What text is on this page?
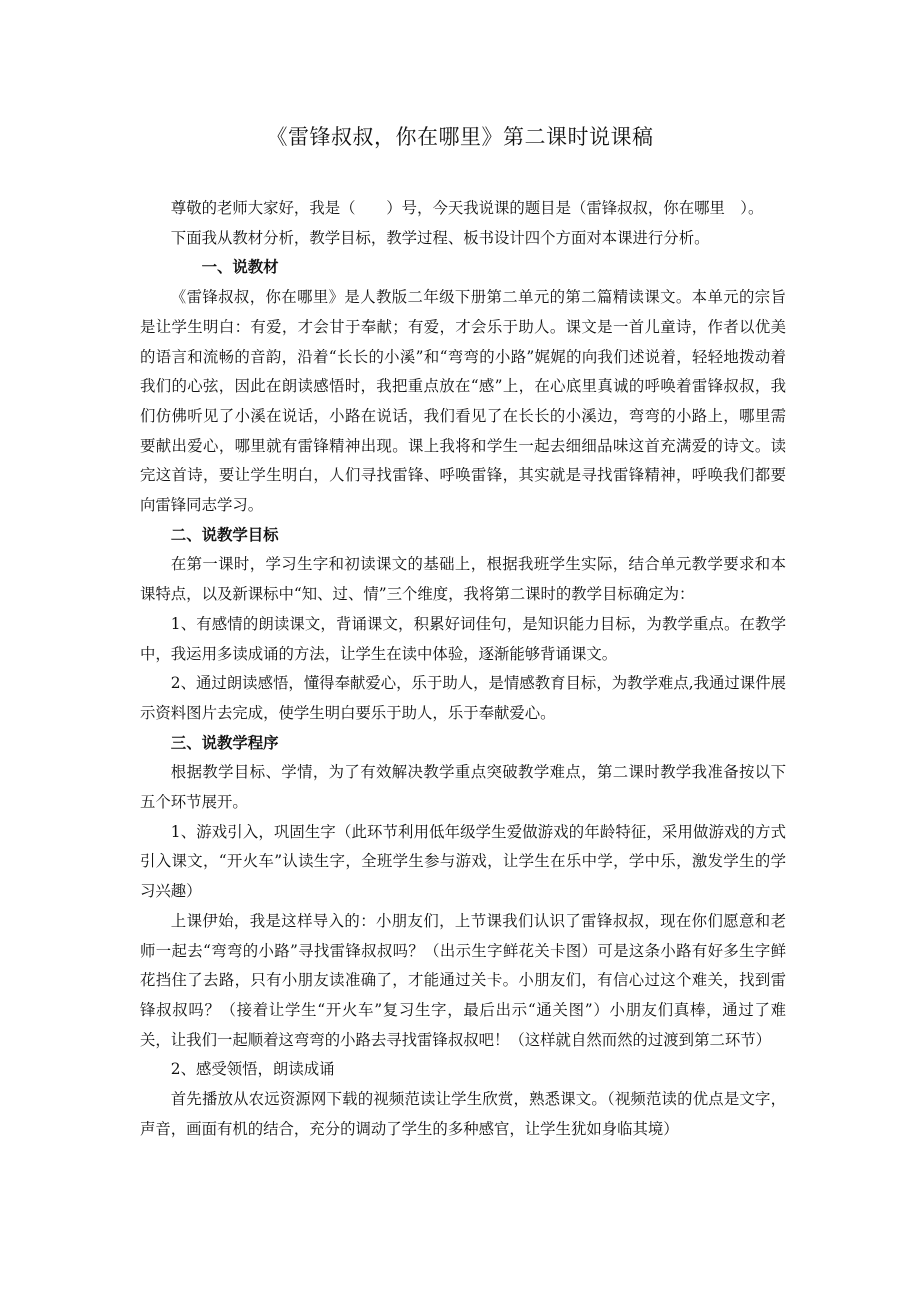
《雷锋叔叔，你在哪里》第二课时说课稿

尊敬的老师大家好，我是（　　）号，今天我说课的题目是（雷锋叔叔，你在哪里　）。

下面我从教材分析，教学目标，教学过程、板书设计四个方面对本课进行分析。

一、说教材

《雷锋叔叔，你在哪里》是人教版二年级下册第二单元的第二篇精读课文。本单元的宗旨是让学生明白：有爱，才会甘于奉献；有爱，才会乐于助人。课文是一首儿童诗，作者以优美的语言和流畅的音韵，沿着“长长的小溪”和“弯弯的小路”娓娓的向我们述说着，轻轻地拨动着我们的心弦，因此在朗读感悟时，我把重点放在“感”上，在心底里真诚的呼唤着雷锋叔叔，我们仿佛听见了小溪在说话，小路在说话，我们看见了在长长的小溪边，弯弯的小路上，哪里需要献出爱心，哪里就有雷锋精神出现。课上我将和学生一起去细细品味这首充满爱的诗文。读完这首诗，要让学生明白，人们寻找雷锋、呼唤雷锋，其实就是寻找雷锋精神，呼唤我们都要向雷锋同志学习。

二、说教学目标

在第一课时，学习生字和初读课文的基础上，根据我班学生实际，结合单元教学要求和本课特点，以及新课标中“知、过、情”三个维度，我将第二课时的教学目标确定为：

1、有感情的朗读课文，背诵课文，积累好词佳句，是知识能力目标，为教学重点。在教学中，我运用多读成诵的方法，让学生在读中体验，逐渐能够背诵课文。

2、通过朗读感悟，懂得奉献爱心，乐于助人，是情感教育目标，为教学难点,我通过课件展示资料图片去完成，使学生明白要乐于助人，乐于奉献爱心。

三、说教学程序

根据教学目标、学情，为了有效解决教学重点突破教学难点，第二课时教学我准备按以下五个环节展开。

1、游戏引入，巩固生字（此环节利用低年级学生爱做游戏的年龄特征，采用做游戏的方式引入课文，“开火车”认读生字，全班学生参与游戏，让学生在乐中学，学中乐，激发学生的学习兴趣）

上课伊始，我是这样导入的：小朋友们，上节课我们认识了雷锋叔叔，现在你们愿意和老师一起去“弯弯的小路”寻找雷锋叔叔吗？（出示生字鲜花关卡图）可是这条小路有好多生字鲜花挡住了去路，只有小朋友读准确了，才能通过关卡。小朋友们，有信心过这个难关，找到雷锋叔叔吗？（接着让学生“开火车”复习生字，最后出示“通关图”）小朋友们真棒，通过了难关，让我们一起顺着这弯弯的小路去寻找雷锋叔叔吧！（这样就自然而然的过渡到第二环节）

2、感受领悟，朗读成诵

首先播放从农远资源网下载的视频范读让学生欣赏，熟悉课文。（视频范读的优点是文字，声音，画面有机的结合，充分的调动了学生的多种感官，让学生犹如身临其境）
